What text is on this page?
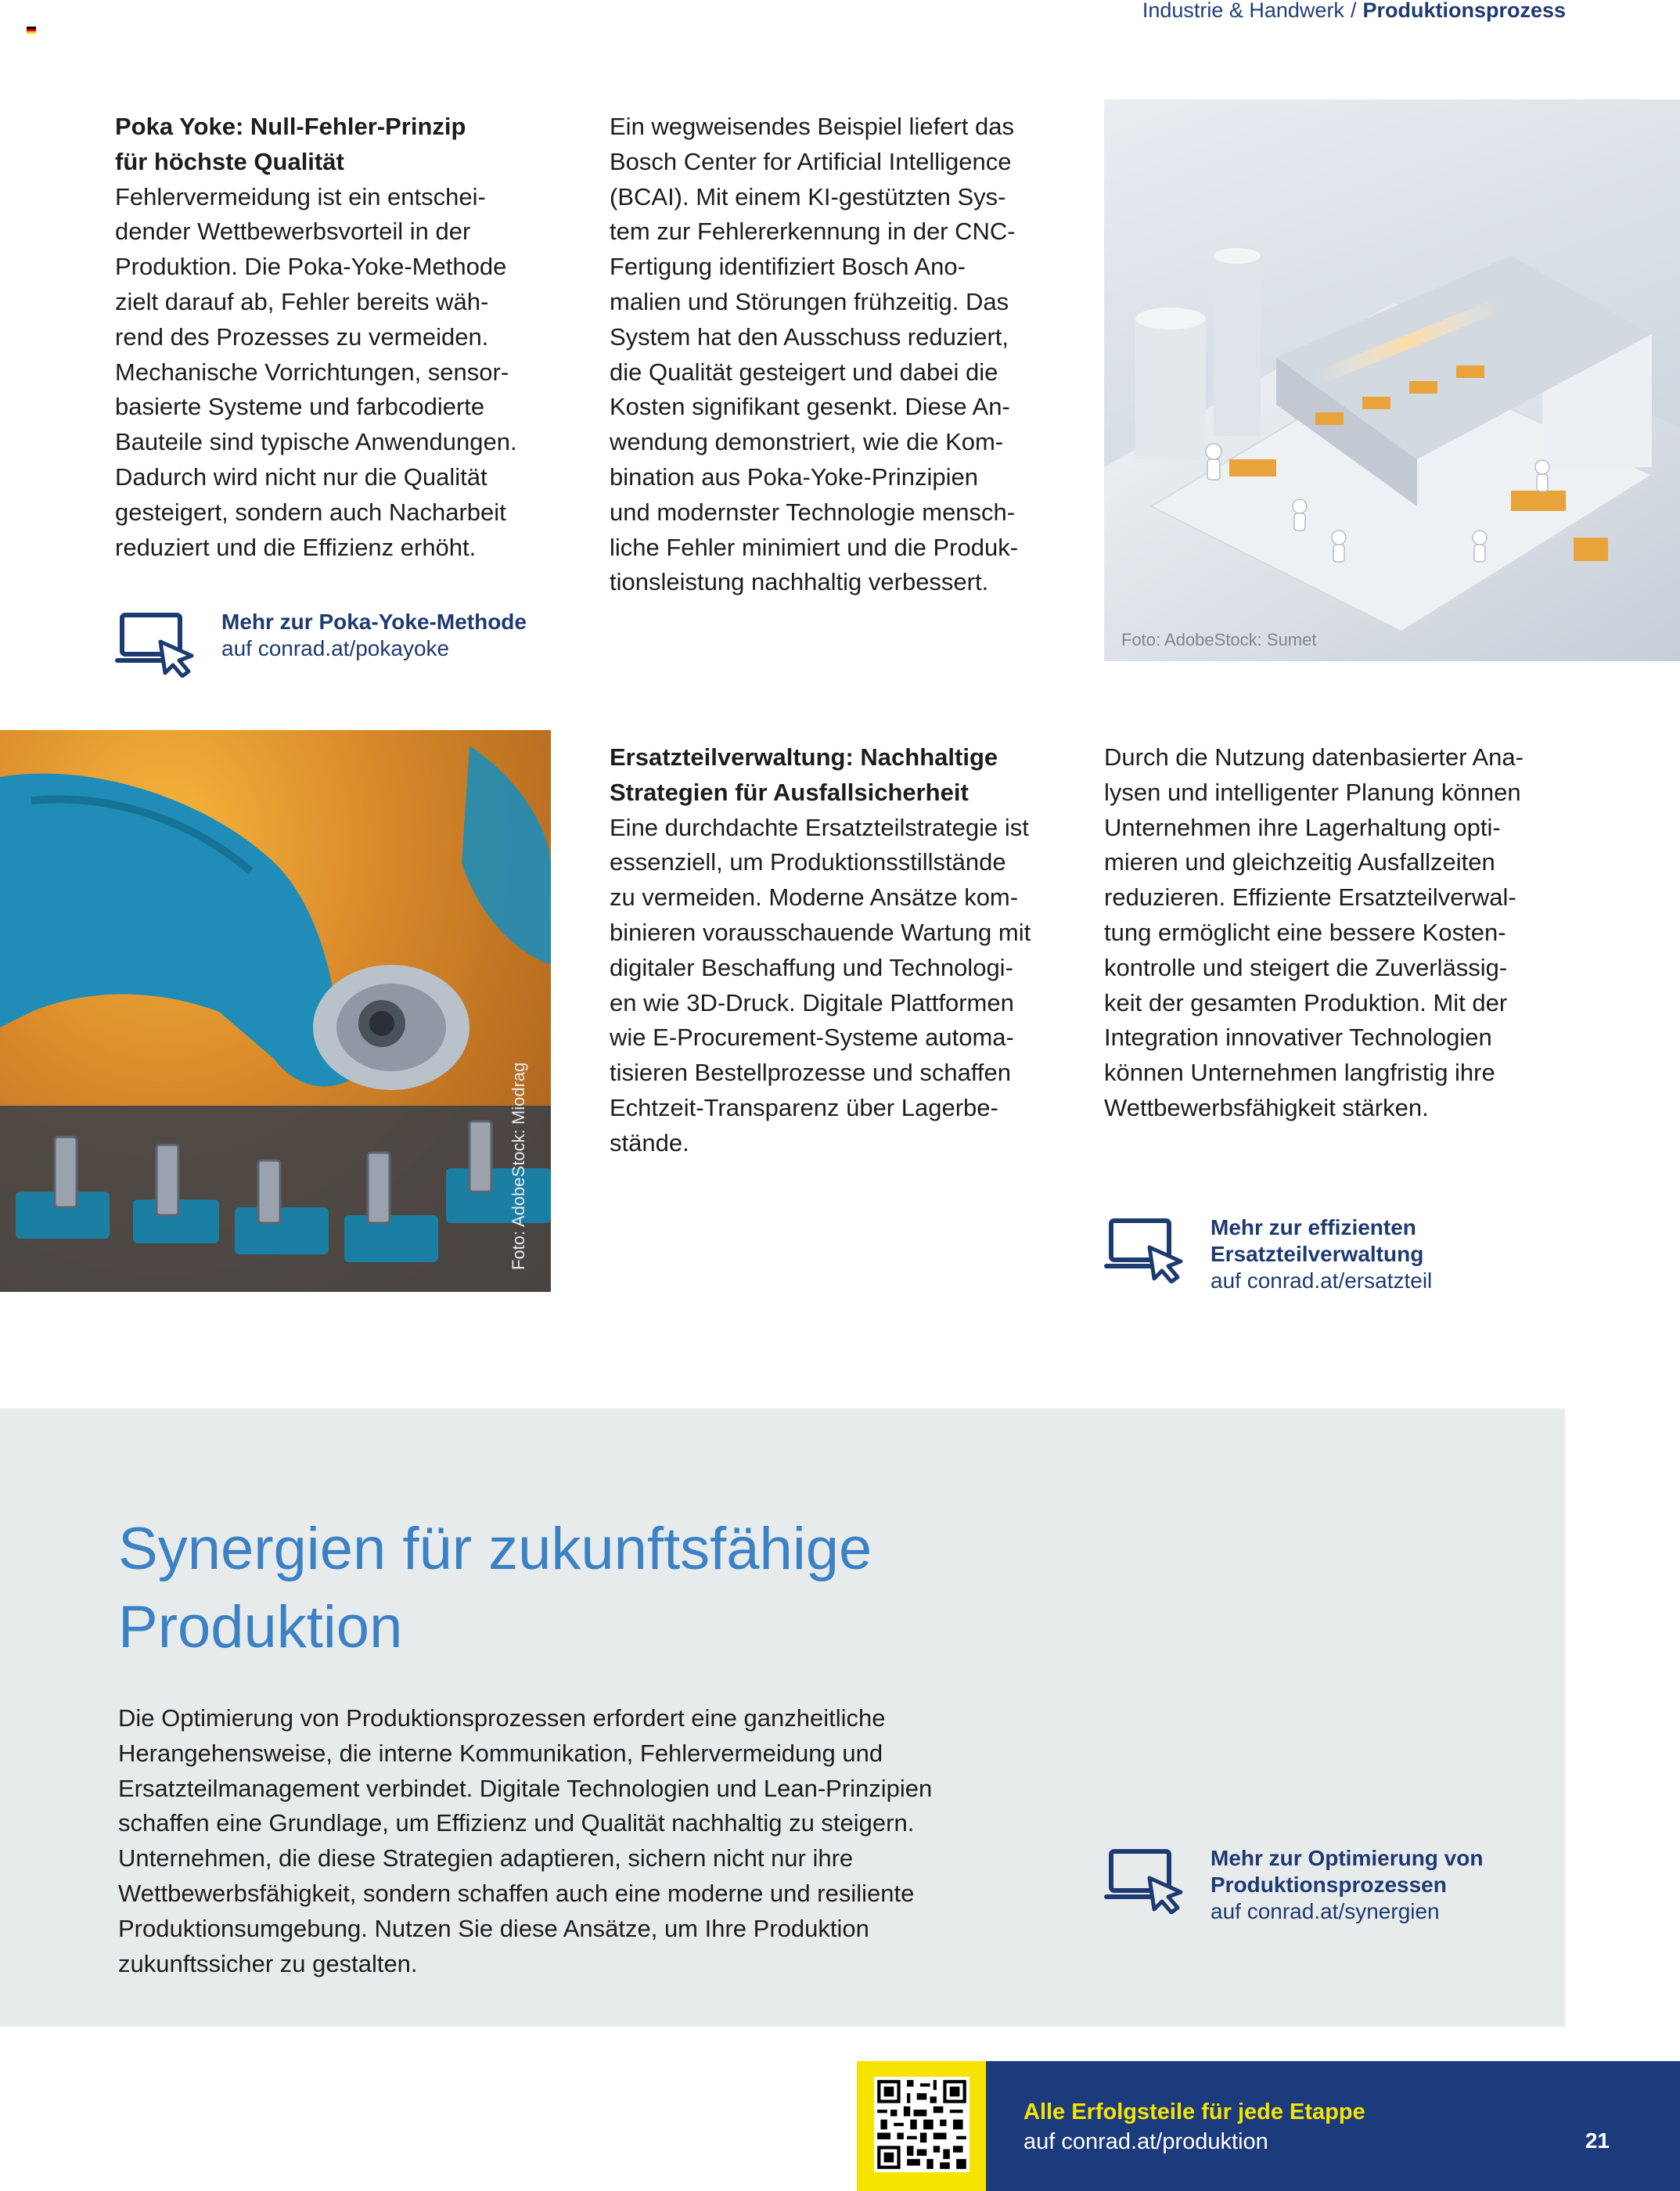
Industrie & Handwerk / Produktionsprozess

Poka Yoke: Null-Fehler-Prinzip
für höchste Qualität

Fehlervermeidung ist ein entschei-
dender Wettbewerbsvorteil in der
Produktion. Die Poka-Yoke-Methode
zielt darauf ab, Fehler bereits wäh-
rend des Prozesses zu vermeiden.
Mechanische Vorrichtungen, sensor-
basierte Systeme und farbcodierte
Bauteile sind typische Anwendungen.
Dadurch wird nicht nur die Qualität
gesteigert, sondern auch Nacharbeit
reduziert und die Effizienz erhöht.

Mehr zur Poka-Yoke-Methode
auf conrad.at/pokayoke

Ein wegweisendes Beispiel liefert das
Bosch Center for Artificial Intelligence
(BCAI). Mit einem KI-gestützten Sys-
tem zur Fehlererkennung in der CNC-
Fertigung identifiziert Bosch Ano-
malien und Störungen frühzeitig. Das
System hat den Ausschuss reduziert,
die Qualität gesteigert und dabei die
Kosten signifikant gesenkt. Diese An-
wendung demonstriert, wie die Kom-
bination aus Poka-Yoke-Prinzipien
und modernster Technologie mensch-
liche Fehler minimiert und die Produk-
tionsleistung nachhaltig verbessert.

Foto: AdobeStock: Sumet
Foto: AdobeStock: Miodrag

Ersatzteilverwaltung: Nachhaltige
Strategien für Ausfallsicherheit

Eine durchdachte Ersatzteilstrategie ist
essenziell, um Produktionsstillstände
zu vermeiden. Moderne Ansätze kom-
binieren vorausschauende Wartung mit
digitaler Beschaffung und Technologi-
en wie 3D-Druck. Digitale Plattformen
wie E-Procurement-Systeme automa-
tisieren Bestellprozesse und schaffen
Echtzeit-Transparenz über Lagerbe-
stände.

Durch die Nutzung datenbasierter Ana-
lysen und intelligenter Planung können
Unternehmen ihre Lagerhaltung opti-
mieren und gleichzeitig Ausfallzeiten
reduzieren. Effiziente Ersatzteilverwal-
tung ermöglicht eine bessere Kosten-
kontrolle und steigert die Zuverlässig-
keit der gesamten Produktion. Mit der
Integration innovativer Technologien
können Unternehmen langfristig ihre
Wettbewerbsfähigkeit stärken.

Mehr zur effizienten
Ersatzteilverwaltung
auf conrad.at/ersatzteil
Synergien für zukunftsfähige
Produktion

Die Optimierung von Produktionsprozessen erfordert eine ganzheitliche
Herangehensweise, die interne Kommunikation, Fehlervermeidung und
Ersatzteilmanagement verbindet. Digitale Technologien und Lean-Prinzipien
schaffen eine Grundlage, um Effizienz und Qualität nachhaltig zu steigern.
Unternehmen, die diese Strategien adaptieren, sichern nicht nur ihre
Wettbewerbsfähigkeit, sondern schaffen auch eine moderne und resiliente
Produktionsumgebung. Nutzen Sie diese Ansätze, um Ihre Produktion
zukunftssicher zu gestalten.

Mehr zur Optimierung von
Produktionsprozessen
auf conrad.at/synergien
Alle Erfolgsteile für jede Etappe
auf conrad.at/produktion	21
